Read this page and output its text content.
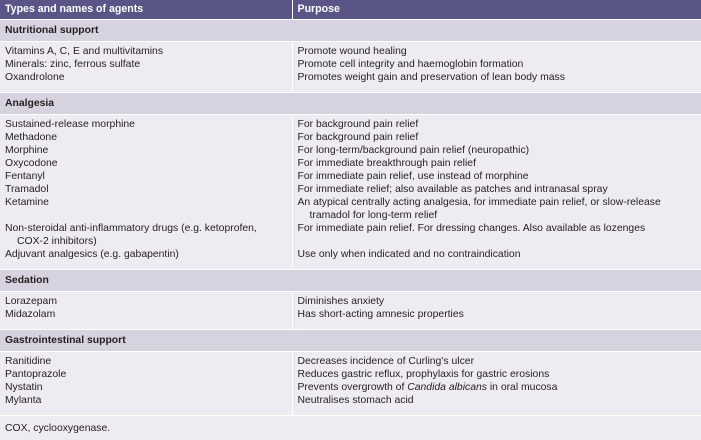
Types and names of agents	Purpose
Nutritional support	

Vitamins A, C, E and multivitamins	Promote wound healing
Minerals: zinc, ferrous sulfate	Promote cell integrity and haemoglobin formation
Oxandrolone	Promotes weight gain and preservation of lean body mass

Analgesia	

Sustained-release morphine	For background pain relief
Methadone	For background pain relief
Morphine	For long-term/background pain relief (neuropathic)
Oxycodone	For immediate breakthrough pain relief
Fentanyl	For immediate pain relief, use instead of morphine
Tramadol	For immediate relief; also available as patches and intranasal spray
Ketamine	An atypical centrally acting analgesia, for immediate pain relief, or slow-release
tramadol for long-term relief

Non-steroidal anti-inflammatory drugs (e.g. ketoprofen,
COX-2 inhibitors)	For immediate pain relief. For dressing changes. Also available as lozenges
Adjuvant analgesics (e.g. gabapentin)	Use only when indicated and no contraindication

Sedation	

Lorazepam	Diminishes anxiety
Midazolam	Has short-acting amnesic properties

Gastrointestinal support	

Ranitidine	Decreases incidence of Curling’s ulcer
Pantoprazole	Reduces gastric reflux, prophylaxis for gastric erosions
Nystatin	Prevents overgrowth of Candida albicans in oral mucosa
Mylanta	Neutralises stomach acid

COX, cyclooxygenase.	
